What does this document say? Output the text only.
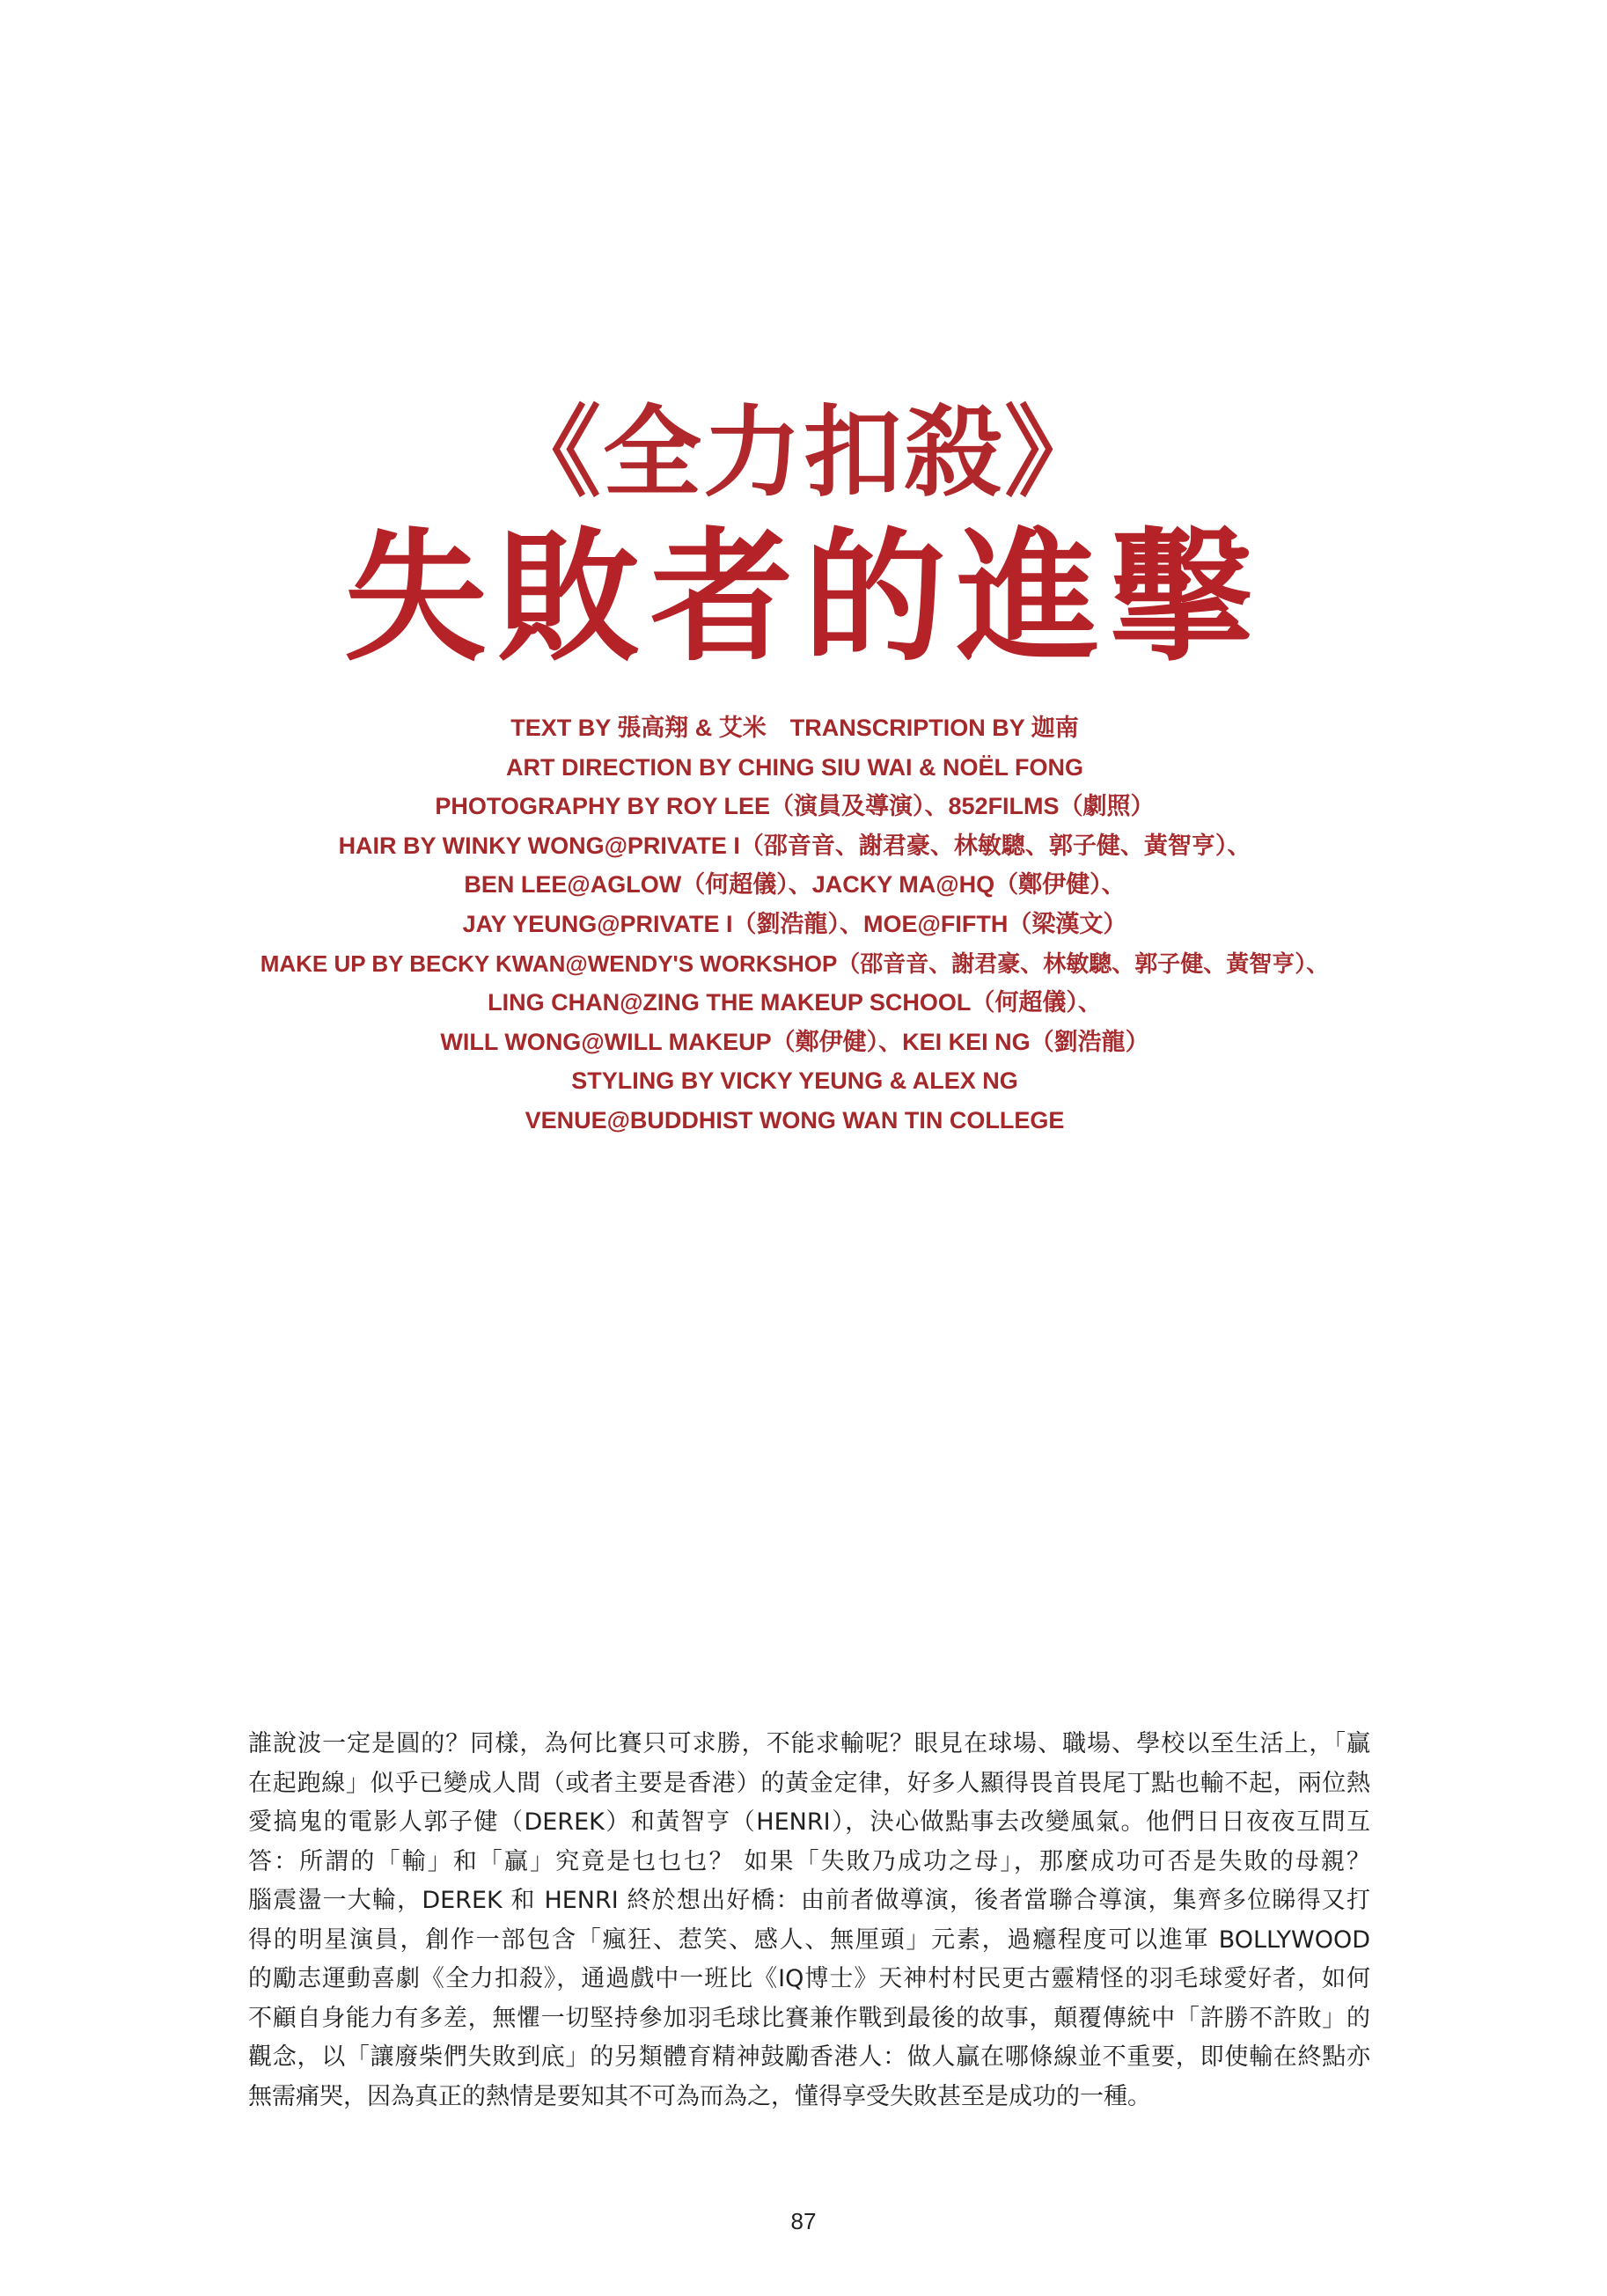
《全力扣殺》
失敗者的進擊
TEXT BY 張高翔 & 艾米　TRANSCRIPTION BY 迦南
ART DIRECTION BY CHING SIU WAI & NOËL FONG
PHOTOGRAPHY BY ROY LEE（演員及導演）、852FILMS（劇照）
HAIR BY WINKY WONG@PRIVATE I（邵音音、謝君豪、林敏驄、郭子健、黃智亨）、
BEN LEE@AGLOW（何超儀）、JACKY MA@HQ（鄭伊健）、
JAY YEUNG@PRIVATE I（劉浩龍）、MOE@FIFTH（梁漢文）
MAKE UP BY BECKY KWAN@WENDY'S WORKSHOP（邵音音、謝君豪、林敏驄、郭子健、黃智亨）、
LING CHAN@ZING THE MAKEUP SCHOOL（何超儀）、
WILL WONG@WILL MAKEUP（鄭伊健）、KEI KEI NG（劉浩龍）
STYLING BY VICKY YEUNG & ALEX NG
VENUE@BUDDHIST WONG WAN TIN COLLEGE
誰說波一定是圓的？同樣，為何比賽只可求勝，不能求輸呢？眼見在球場、職場、學校以至生活上，「贏
在起跑線」似乎已變成人間（或者主要是香港）的黃金定律，好多人顯得畏首畏尾丁點也輸不起，兩位熱
愛搞鬼的電影人郭子健（DEREK）和黃智亨（HENRI），決心做點事去改變風氣。他們日日夜夜互問互
答：所謂的「輸」和「贏」究竟是乜乜乜？ 如果「失敗乃成功之母」，那麼成功可否是失敗的母親？
腦震盪一大輪，DEREK 和 HENRI 終於想出好橋：由前者做導演，後者當聯合導演，集齊多位睇得又打
得的明星演員，創作一部包含「瘋狂、惹笑、感人、無厘頭」元素，過癮程度可以進軍 BOLLYWOOD
的勵志運動喜劇《全力扣殺》，通過戲中一班比《IQ博士》天神村村民更古靈精怪的羽毛球愛好者，如何
不顧自身能力有多差，無懼一切堅持參加羽毛球比賽兼作戰到最後的故事，顛覆傳統中「許勝不許敗」的
觀念，以「讓廢柴們失敗到底」的另類體育精神鼓勵香港人：做人贏在哪條線並不重要，即使輸在終點亦
無需痛哭，因為真正的熱情是要知其不可為而為之，懂得享受失敗甚至是成功的一種。
87
